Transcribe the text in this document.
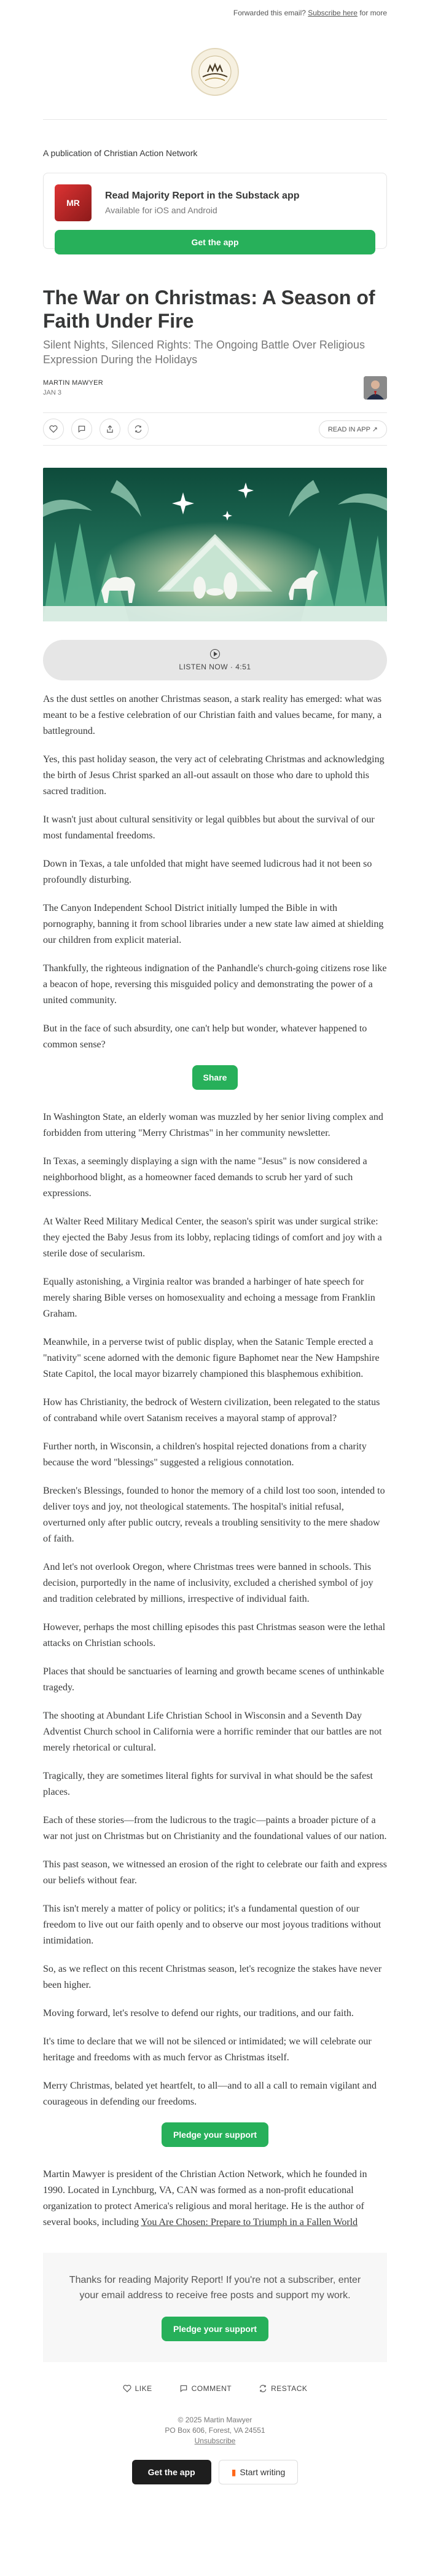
Forwarded this email? Subscribe here for more
A publication of Christian Action Network
MR
Read Majority Report in the Substack app
Available for iOS and Android
Get the app
The War on Christmas: A Season of Faith Under Fire
Silent Nights, Silenced Rights: The Ongoing Battle Over Religious Expression During the Holidays
MARTIN MAWYER
JAN 3
READ IN APP ↗
LISTEN NOW · 4:51

As the dust settles on another Christmas season, a stark reality has emerged: what was meant to be a festive celebration of our Christian faith and values became, for many, a battleground.

Yes, this past holiday season, the very act of celebrating Christmas and acknowledging the birth of Jesus Christ sparked an all-out assault on those who dare to uphold this sacred tradition.

It wasn't just about cultural sensitivity or legal quibbles but about the survival of our most fundamental freedoms.

Down in Texas, a tale unfolded that might have seemed ludicrous had it not been so profoundly disturbing.

The Canyon Independent School District initially lumped the Bible in with pornography, banning it from school libraries under a new state law aimed at shielding our children from explicit material.

Thankfully, the righteous indignation of the Panhandle's church-going citizens rose like a beacon of hope, reversing this misguided policy and demonstrating the power of a united community.

But in the face of such absurdity, one can't help but wonder, whatever happened to common sense?

Share

In Washington State, an elderly woman was muzzled by her senior living complex and forbidden from uttering "Merry Christmas" in her community newsletter.

In Texas, a seemingly displaying a sign with the name "Jesus" is now considered a neighborhood blight, as a homeowner faced demands to scrub her yard of such expressions.

At Walter Reed Military Medical Center, the season's spirit was under surgical strike: they ejected the Baby Jesus from its lobby, replacing tidings of comfort and joy with a sterile dose of secularism.

Equally astonishing, a Virginia realtor was branded a harbinger of hate speech for merely sharing Bible verses on homosexuality and echoing a message from Franklin Graham.

Meanwhile, in a perverse twist of public display, when the Satanic Temple erected a "nativity" scene adorned with the demonic figure Baphomet near the New Hampshire State Capitol, the local mayor bizarrely championed this blasphemous exhibition.

How has Christianity, the bedrock of Western civilization, been relegated to the status of contraband while overt Satanism receives a mayoral stamp of approval?

Further north, in Wisconsin, a children's hospital rejected donations from a charity because the word "blessings" suggested a religious connotation.

Brecken's Blessings, founded to honor the memory of a child lost too soon, intended to deliver toys and joy, not theological statements. The hospital's initial refusal, overturned only after public outcry, reveals a troubling sensitivity to the mere shadow of faith.

And let's not overlook Oregon, where Christmas trees were banned in schools. This decision, purportedly in the name of inclusivity, excluded a cherished symbol of joy and tradition celebrated by millions, irrespective of individual faith.

However, perhaps the most chilling episodes this past Christmas season were the lethal attacks on Christian schools.

Places that should be sanctuaries of learning and growth became scenes of unthinkable tragedy.

The shooting at Abundant Life Christian School in Wisconsin and a Seventh Day Adventist Church school in California were a horrific reminder that our battles are not merely rhetorical or cultural.

Tragically, they are sometimes literal fights for survival in what should be the safest places.

Each of these stories—from the ludicrous to the tragic—paints a broader picture of a war not just on Christmas but on Christianity and the foundational values of our nation.

This past season, we witnessed an erosion of the right to celebrate our faith and express our beliefs without fear.

This isn't merely a matter of policy or politics; it's a fundamental question of our freedom to live out our faith openly and to observe our most joyous traditions without intimidation.

So, as we reflect on this recent Christmas season, let's recognize the stakes have never been higher.

Moving forward, let's resolve to defend our rights, our traditions, and our faith.

It's time to declare that we will not be silenced or intimidated; we will celebrate our heritage and freedoms with as much fervor as Christmas itself.

Merry Christmas, belated yet heartfelt, to all—and to all a call to remain vigilant and courageous in defending our freedoms.

Pledge your support

Martin Mawyer is president of the Christian Action Network, which he founded in 1990. Located in Lynchburg, VA, CAN was formed as a non-profit educational organization to protect America's religious and moral heritage. He is the author of several books, including You Are Chosen: Prepare to Triumph in a Fallen World

Thanks for reading Majority Report! If you're not a subscriber, enter your email address to receive free posts and support my work.
Pledge your support
LIKE	COMMENT	RESTACK
© 2025 Martin Mawyer
PO Box 606, Forest, VA 24551
Unsubscribe
Get the app	▮ Start writing
